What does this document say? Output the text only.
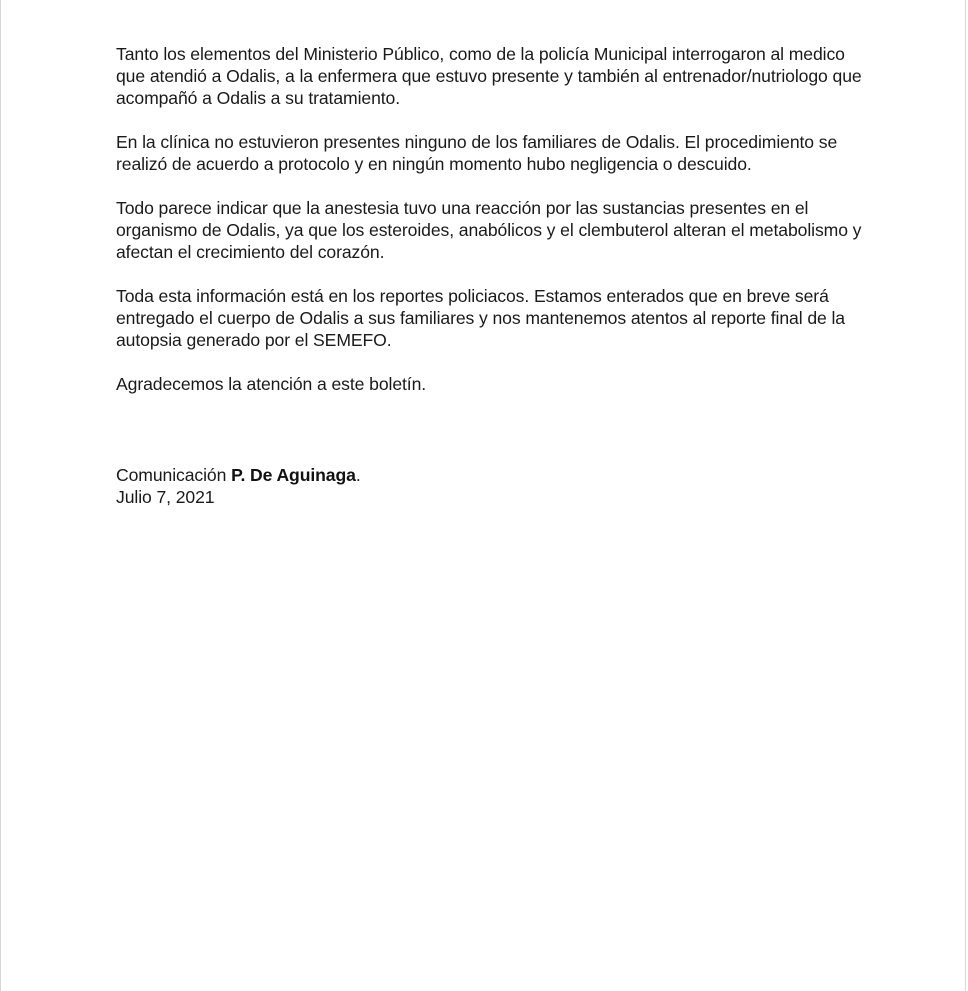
Tanto los elementos del Ministerio Público, como de la policía Municipal interrogaron al medico que atendió a Odalis, a la enfermera que estuvo presente y también al entrenador/nutriologo que acompañó a Odalis a su tratamiento.

En la clínica no estuvieron presentes ninguno de los familiares de Odalis. El procedimiento se realizó de acuerdo a protocolo y en ningún momento hubo negligencia o descuido.

Todo parece indicar que la anestesia tuvo una reacción por las sustancias presentes en el organismo de Odalis, ya que los esteroides, anabólicos y el clembuterol alteran el metabolismo y afectan el crecimiento del corazón.

Toda esta información está en los reportes policiacos. Estamos enterados que en breve será entregado el cuerpo de Odalis a sus familiares y nos mantenemos atentos al reporte final de la autopsia generado por el SEMEFO.

Agradecemos la atención a este boletín.

Comunicación P. De Aguinaga.
Julio 7, 2021
